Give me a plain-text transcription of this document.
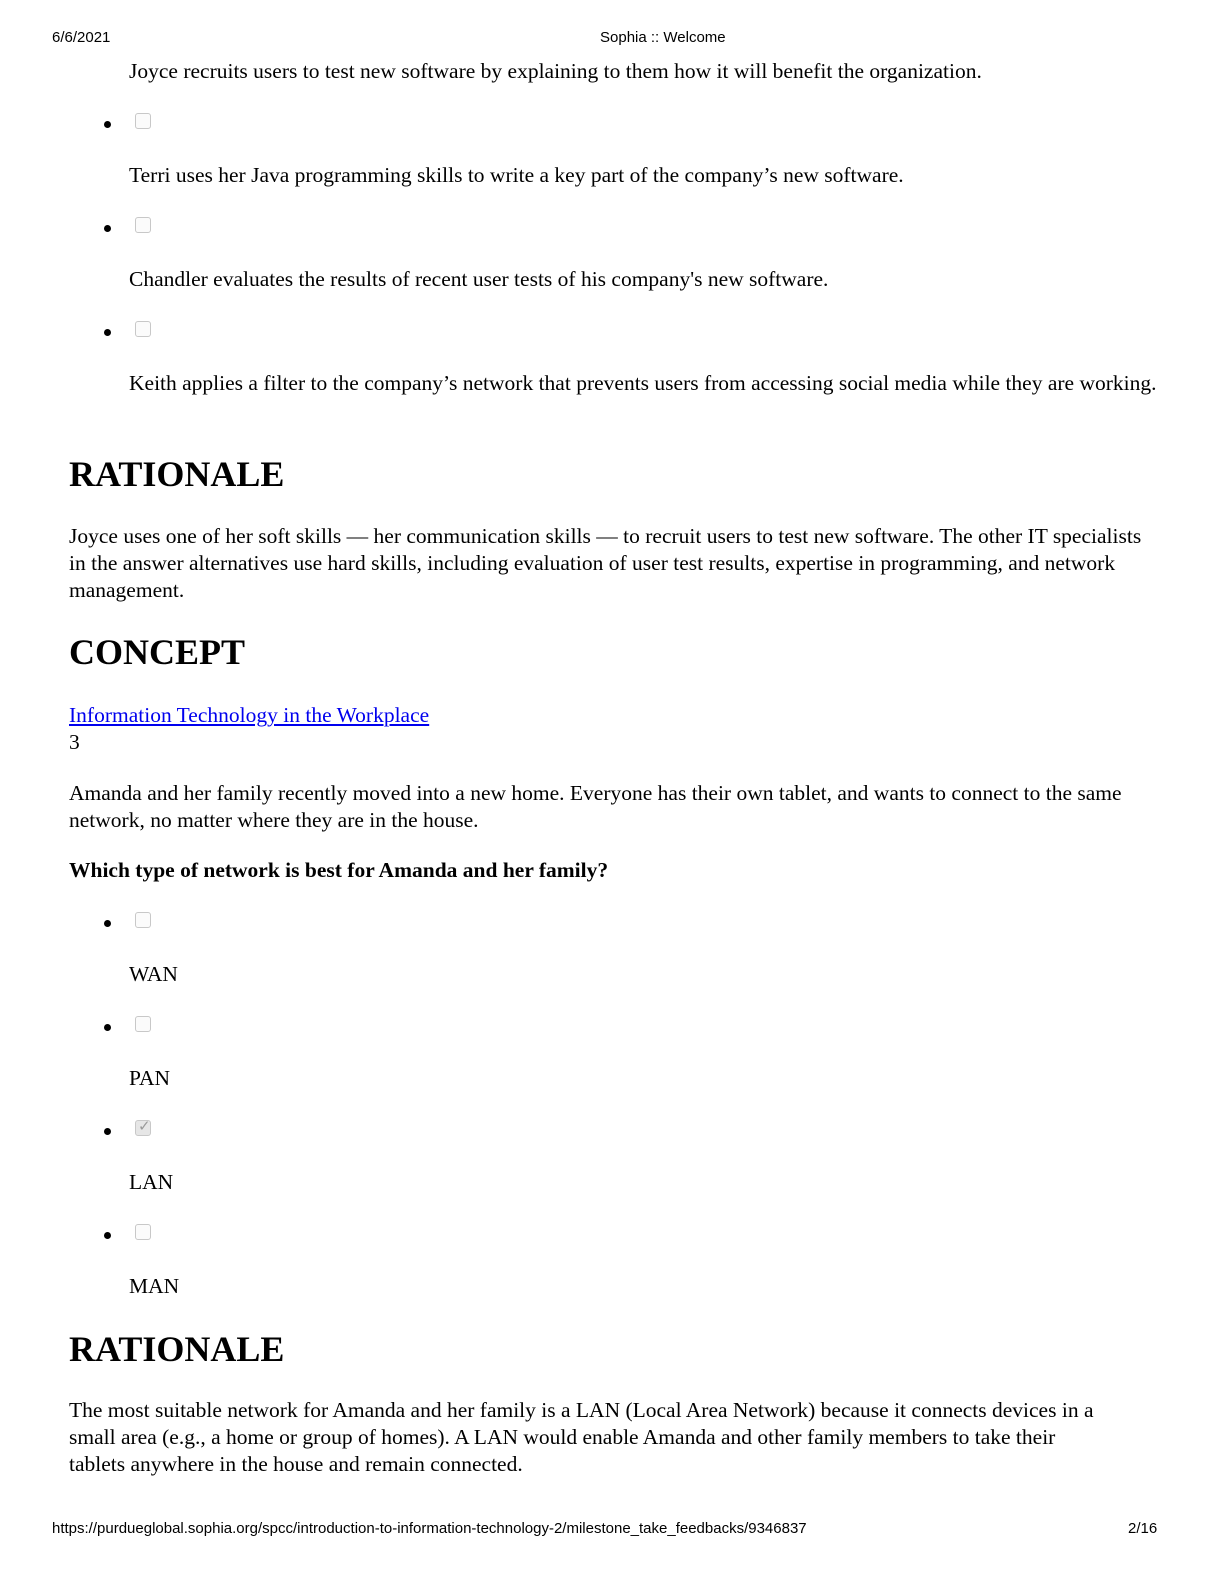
6/6/2021	Sophia :: Welcome
Joyce recruits users to test new software by explaining to them how it will benefit the organization.
Terri uses her Java programming skills to write a key part of the company’s new software.
Chandler evaluates the results of recent user tests of his company's new software.
Keith applies a filter to the company’s network that prevents users from accessing social media while they are working.
RATIONALE
Joyce uses one of her soft skills — her communication skills — to recruit users to test new software. The other IT specialists in the answer alternatives use hard skills, including evaluation of user test results, expertise in programming, and network management.
CONCEPT
Information Technology in the Workplace
3
Amanda and her family recently moved into a new home. Everyone has their own tablet, and wants to connect to the same network, no matter where they are in the house.
Which type of network is best for Amanda and her family?
WAN
PAN
✓
LAN
MAN
RATIONALE
The most suitable network for Amanda and her family is a LAN (Local Area Network) because it connects devices in a small area (e.g., a home or group of homes). A LAN would enable Amanda and other family members to take their tablets anywhere in the house and remain connected.
https://purdueglobal.sophia.org/spcc/introduction-to-information-technology-2/milestone_take_feedbacks/9346837	2/16
